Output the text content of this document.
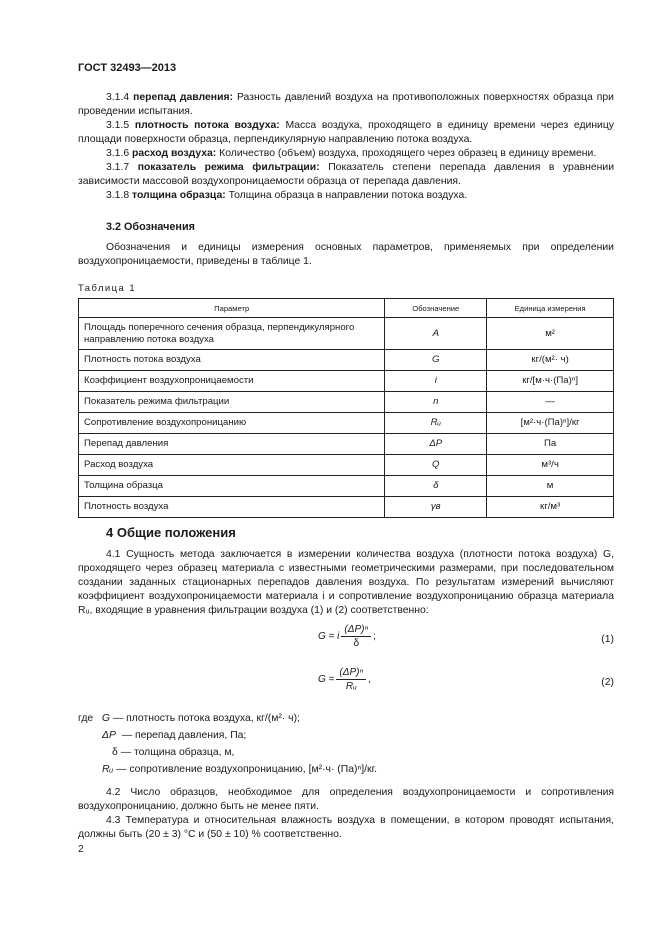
ГОСТ 32493—2013

3.1.4 перепад давления: Разность давлений воздуха на противоположных поверхностях образца при проведении испытания.

3.1.5 плотность потока воздуха: Масса воздуха, проходящего в единицу времени через единицу площади поверхности образца, перпендикулярную направлению потока воздуха.

3.1.6 расход воздуха: Количество (объем) воздуха, проходящего через образец в единицу времени.

3.1.7 показатель режима фильтрации: Показатель степени перепада давления в уравнении зависимости массовой воздухопроницаемости образца от перепада давления.

3.1.8 толщина образца: Толщина образца в направлении потока воздуха.

3.2 Обозначения

Обозначения и единицы измерения основных параметров, применяемых при определении воздухопроницаемости, приведены в таблице 1.

Таблица 1
Параметр	Обозначение	Единица измерения
Площадь поперечного сечения образца, перпендикулярного направлению потока воздуха	A	м²
Плотность потока воздуха	G	кг/(м²· ч)
Коэффициент воздухопроницаемости	i	кг/[м·ч·(Па)ⁿ]
Показатель режима фильтрации	n	—
Сопротивление воздухопроницанию	Rᵤ	[м²·ч·(Па)ⁿ]/кг
Перепад давления	ΔP	Па
Расход воздуха	Q	м³/ч
Толщина образца	δ	м
Плотность воздуха	γв	кг/м³
4 Общие положения

4.1 Сущность метода заключается в измерении количества воздуха (плотности потока воздуха) G, проходящего через образец материала с известными геометрическими размерами, при последовательном создании заданных стационарных перепадов давления воздуха. По результатам измерений вычисляют коэффициент воздухопроницаемости материала i и сопротивление воздухопроницанию образца материала Rᵤ, входящие в уравнения фильтрации воздуха (1) и (2) соответственно:

G = i $\frac{\text{(ΔP)ⁿ}}{\delta}$ ;	(1)
$G = \frac{\text{(ΔP)ⁿ}}{\text{Rᵤ}}$ ,	(2)
где G — плотность потока воздуха, кг/(м²· ч);
ΔP — перепад давления, Па;
δ — толщина образца, м,
Rᵤ — сопротивление воздухопроницанию, [м²·ч· (Па)ⁿ]/кг.

4.2 Число образцов, необходимое для определения воздухопроницаемости и сопротивления воздухопроницанию, должно быть не менее пяти.

4.3 Температура и относительная влажность воздуха в помещении, в котором проводят испытания, должны быть (20 ± 3) °С и (50 ± 10) % соответственно.

2
